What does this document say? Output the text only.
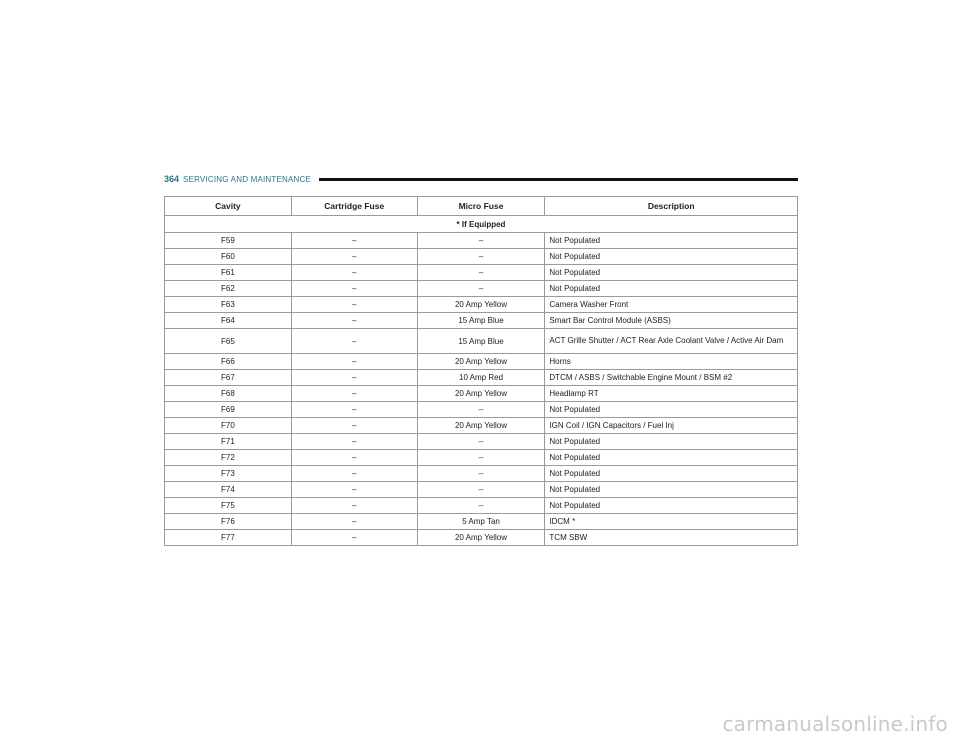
364 SERVICING AND MAINTENANCE
Cavity	Cartridge Fuse	Micro Fuse	Description
* If Equipped			
F59	–	–	Not Populated
F60	–	–	Not Populated
F61	–	–	Not Populated
F62	–	–	Not Populated
F63	–	20 Amp Yellow	Camera Washer Front
F64	–	15 Amp Blue	Smart Bar Control Module (ASBS)
F65	–	15 Amp Blue	ACT Grille Shutter / ACT Rear Axle Coolant Valve / Active Air Dam
F66	–	20 Amp Yellow	Horns
F67	–	10 Amp Red	DTCM / ASBS / Switchable Engine Mount / BSM #2
F68	–	20 Amp Yellow	Headlamp RT
F69	–	–	Not Populated
F70	–	20 Amp Yellow	IGN Coil / IGN Capacitors / Fuel Inj
F71	–	–	Not Populated
F72	–	–	Not Populated
F73	–	–	Not Populated
F74	–	–	Not Populated
F75	–	–	Not Populated
F76	–	5 Amp Tan	IDCM *
F77	–	20 Amp Yellow	TCM SBW
carmanualsonline.info
